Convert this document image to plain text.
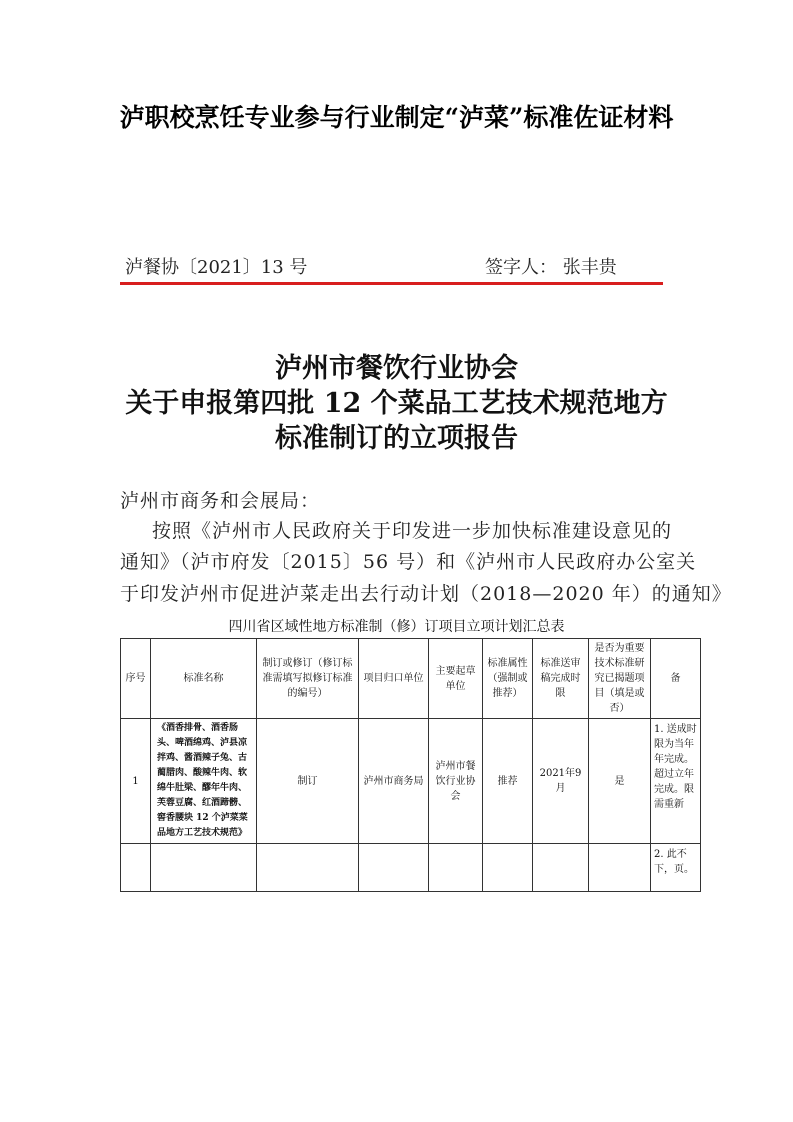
泸职校烹饪专业参与行业制定“泸菜”标准佐证材料
泸餐协〔2021〕13 号	签字人： 张丰贵
泸州市餐饮行业协会
关于申报第四批 12 个菜品工艺技术规范地方
标准制订的立项报告
泸州市商务和会展局：
按照《泸州市人民政府关于印发进一步加快标准建设意见的
通知》（泸市府发〔2015〕56 号）和《泸州市人民政府办公室关
于印发泸州市促进泸菜走出去行动计划（2018—2020 年）的通知》
四川省区域性地方标准制（修）订项目立项计划汇总表
序号	标准名称	制订或修订（修订标准需填写拟修订标准的编号）	项目归口单位	主要起草单位	标准属性（强制或推荐）	标准送审稿完成时限	是否为重要技术标准研究已揭题项目（填是或否）	备
1	《酒香排骨、酒香肠头、啤酒绵鸡、泸县凉拌鸡、酱酒辣子兔、古蔺腊肉、酸辣牛肉、软绵牛肚梁、醪年牛肉、芙蓉豆腐、红酒蹄髈、窖香腰块 12 个泸菜菜品地方工艺技术规范》	制订	泸州市商务局	泸州市餐饮行业协会	推荐	2021年9月	是	1. 送成时限为当年年完成。超过立年完成。限需重新
								2. 此不下，页。
